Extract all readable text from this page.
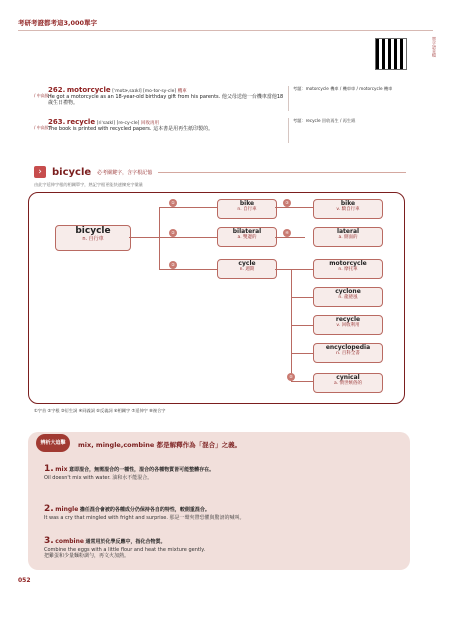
考研考證都考這3,000單字
單字語音檔
/ 中高級 /
262. motorcycle [ˈmotɚ,saɪkl] [mo-tor-sy-cle] 機車
He got a motorcycle as an 18-year-old birthday gift from his parents. 他父母送他一台機車當他18歲生日禮物。
考題：motorcycle 機車 / 機車車 / motorcycle 機車
/ 中高級 /
263. recycle [riˈsaɪkl] [re-cy-cle] 回收再用
The book is printed with recycled papers. 這本書是用再生紙印製的。
考題：recycle 回收再生 / 再生紙
›	bicycle 必考關鍵字，含字根記憶
由此字延伸字根的相關單字，熟記字根更能快速擴充字彙量
bicycle
n. 自行車
①
②
②
bike
n. 自行車
bilateral
a. 雙邊的
cycle
n. 週期
③
④
⑤
bike
v. 騎自行車
lateral
a. 側面的
motorcycle
n. 摩托車
cyclone
n. 龍捲風
recycle
v. 回收利用
encyclopedia
n. 百科全書
cynical
a. 憤世嫉俗的
①字首 ②字根 ③衍生詞 ④同義詞 ⑤反義詞 ⑥相關字 ⑦延伸字 ⑧複合字
辨析大追擊	mix, mingle,combine 都是解釋作為「混合」之義。
1. mix 意即混合，無需混合的一種性，混合的各種物質皆可能整體存在。
Oil doesn't mix with water. 油和水不能混合。
2. mingle 擔任混合會被的各種成分仍保持各自的特性，較側重混合。
It was a cry that mingled with fright and surprise. 那是一聲夾帶恐懼與驚訝的喊叫。
3. combine 通常用於化學反應中，指化合物質。
Combine the eggs with a little flour and heat the mixture gently.
把雞蛋和少量麵粉調勻，再文火加熱。
052
